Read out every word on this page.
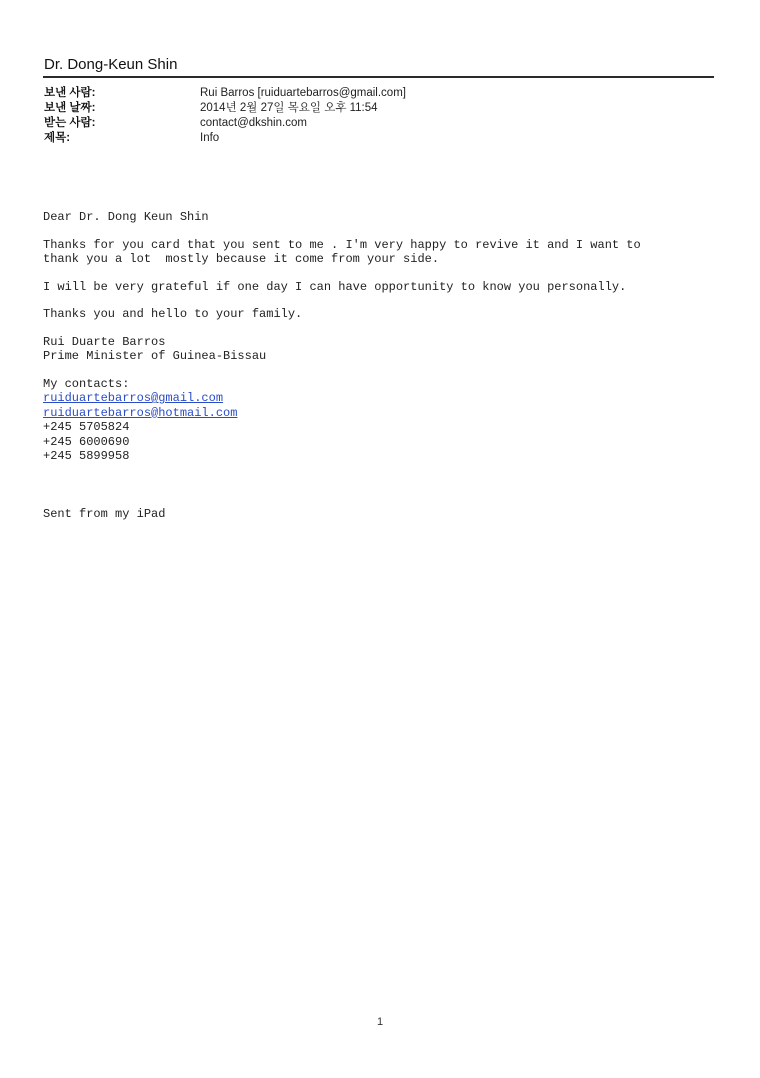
Dr. Dong-Keun Shin
보낸 사람:	Rui Barros [ruiduartebarros@gmail.com]
보낸 날짜:	2014년 2월 27일 목요일 오후 11:54
받는 사람:	contact@dkshin.com
제목:	Info

Dear Dr. Dong Keun Shin

Thanks for you card that you sent to me . I'm very happy to revive it and I want to

thank you a lot  mostly because it come from your side.

I will be very grateful if one day I can have opportunity to know you personally.

Thanks you and hello to your family.

Rui Duarte Barros

Prime Minister of Guinea-Bissau

My contacts:

ruiduartebarros@gmail.com

ruiduartebarros@hotmail.com

+245 5705824

+245 6000690

+245 5899958

Sent from my iPad
1
